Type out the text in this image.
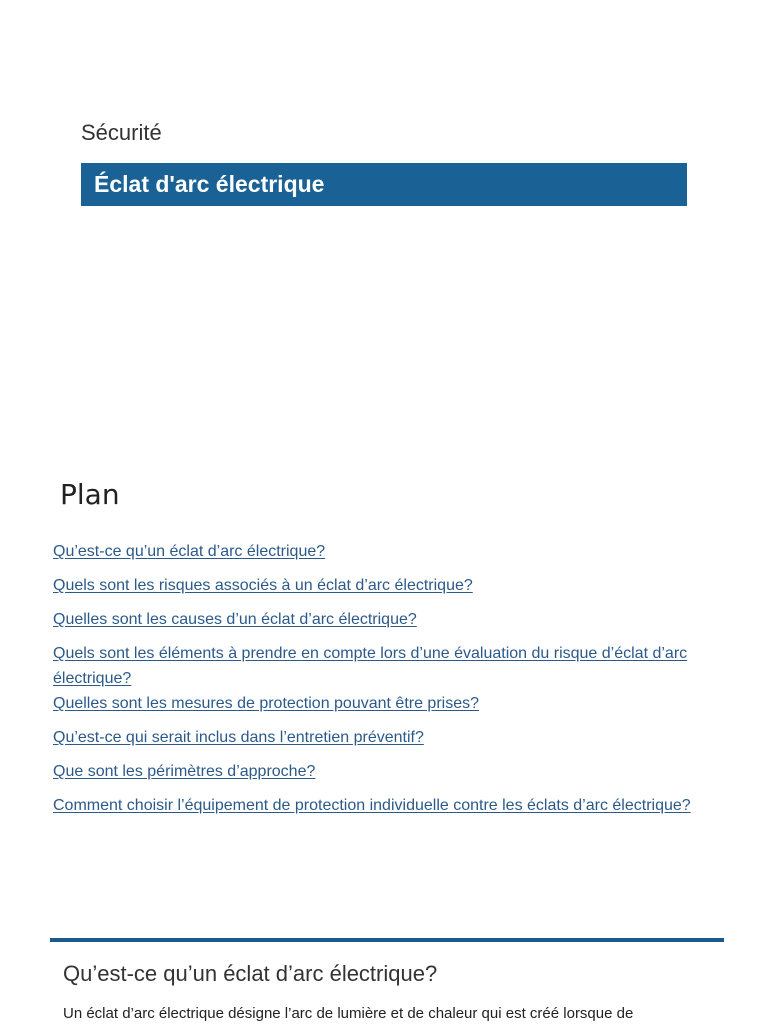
Sécurité
Éclat d'arc électrique
Plan
Qu’est-ce qu’un éclat d’arc électrique?
Quels sont les risques associés à un éclat d’arc électrique?
Quelles sont les causes d’un éclat d’arc électrique?
Quels sont les éléments à prendre en compte lors d’une évaluation du risque d’éclat d’arc électrique?
Quelles sont les mesures de protection pouvant être prises?
Qu’est-ce qui serait inclus dans l’entretien préventif?
Que sont les périmètres d’approche?
Comment choisir l’équipement de protection individuelle contre les éclats d’arc électrique?
Qu’est-ce qu’un éclat d’arc électrique?

Un éclat d’arc électrique désigne l’arc de lumière et de chaleur qui est créé lorsque de
